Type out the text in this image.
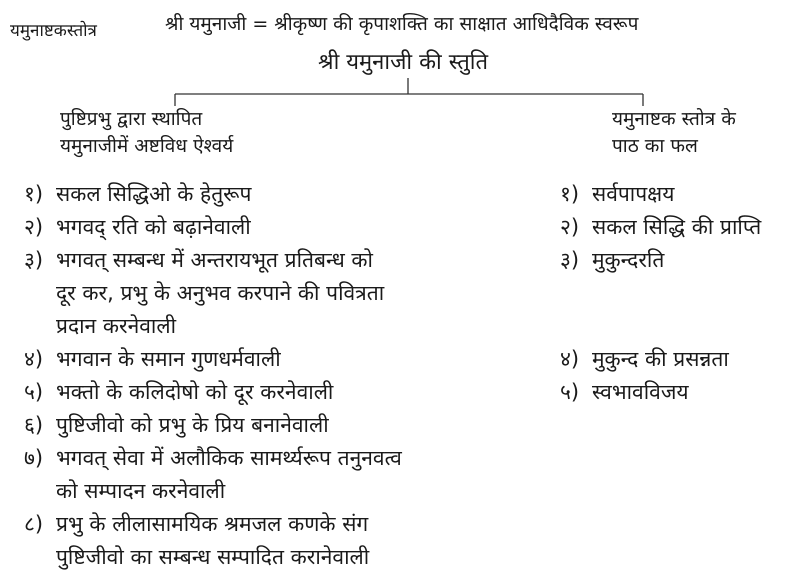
यमुनाष्टकस्तोत्र	श्री यमुनाजी = श्रीकृष्ण की कृपाशक्ति का साक्षात आधिदैविक स्वरूप
श्री यमुनाजी की स्तुति
पुष्टिप्रभु द्वारा स्थापित
यमुनाजीमें अष्टविध ऐश्वर्य
यमुनाष्टक स्तोत्र के
पाठ का फल
१) सकल सिद्धिओ के हेतुरूप
२) भगवद् रति को बढ़ानेवाली
३) भगवत् सम्बन्ध में अन्तरायभूत प्रतिबन्ध को
दूर कर, प्रभु के अनुभव करपाने की पवित्रता
प्रदान करनेवाली
४) भगवान के समान गुणधर्मवाली
५) भक्तो के कलिदोषो को दूर करनेवाली
६) पुष्टिजीवो को प्रभु के प्रिय बनानेवाली
७) भगवत् सेवा में अलौकिक सामर्थ्यरूप तनुनवत्व
को सम्पादन करनेवाली
८) प्रभु के लीलासामयिक श्रमजल कणके संग
पुष्टिजीवो का सम्बन्ध सम्पादित करानेवाली
१) सर्वपापक्षय
२) सकल सिद्धि की प्राप्ति
३) मुकुन्दरति
४) मुकुन्द की प्रसन्नता
५) स्वभावविजय
